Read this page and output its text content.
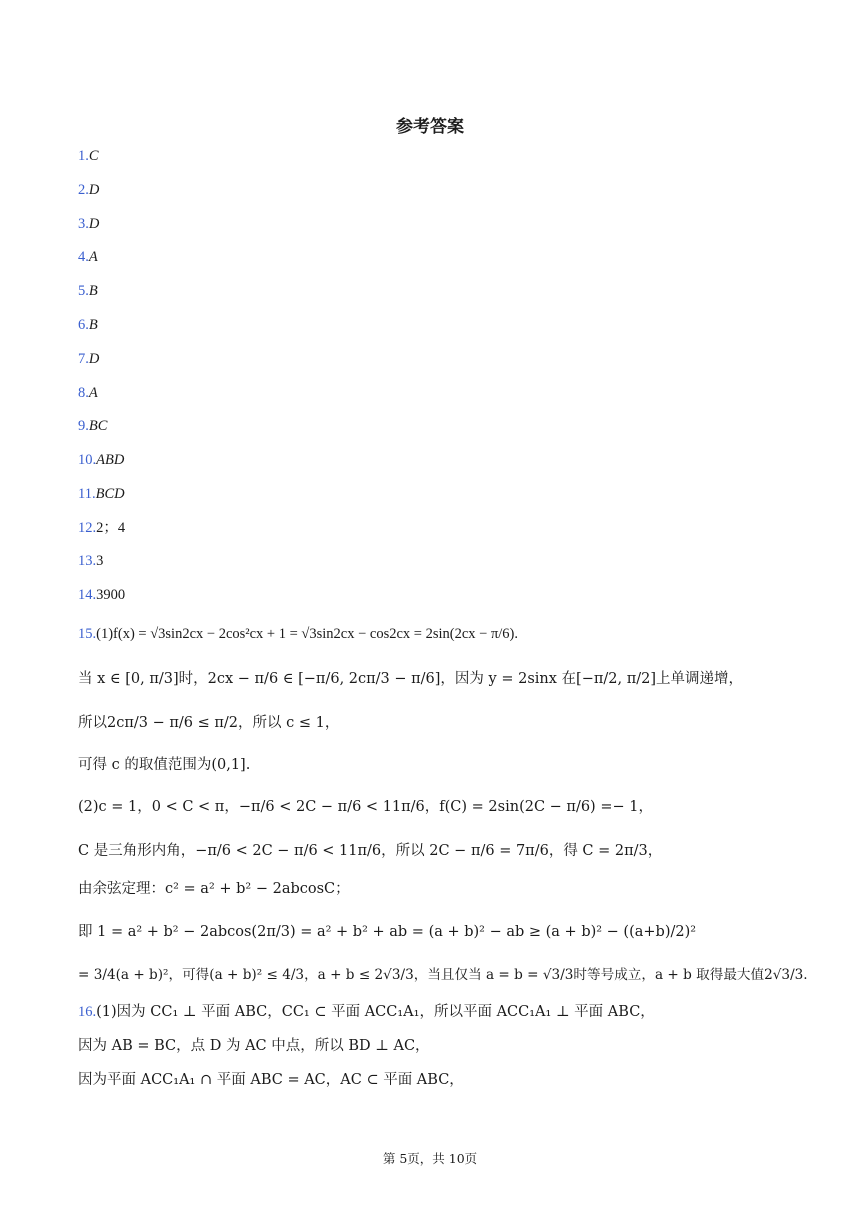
参考答案
1.C
2.D
3.D
4.A
5.B
6.B
7.D
8.A
9.BC
10.ABD
11.BCD
12.2；4
13.3
14.3900
15.(1)f(x) = √3sin2cx − 2cos²cx + 1 = √3sin2cx − cos2cx = 2sin(2cx − π/6).
当 x ∈ [0, π/3]时，2cx − π/6 ∈ [−π/6, 2cπ/3 − π/6]，因为 y = 2sinx 在[−π/2, π/2]上单调递增，
所以2cπ/3 − π/6 ≤ π/2，所以 c ≤ 1，
可得 c 的取值范围为(0,1].
(2)c = 1，0 < C < π，−π/6 < 2C − π/6 < 11π/6，f(C) = 2sin(2C − π/6) =− 1，
C 是三角形内角，−π/6 < 2C − π/6 < 11π/6，所以 2C − π/6 = 7π/6，得 C = 2π/3，
由余弦定理：c² = a² + b² − 2abcosC；
即 1 = a² + b² − 2abcos(2π/3) = a² + b² + ab = (a + b)² − ab ≥ (a + b)² − ((a+b)/2)²
= 3/4(a + b)²，可得(a + b)² ≤ 4/3，a + b ≤ 2√3/3，当且仅当 a = b = √3/3时等号成立，a + b 取得最大值2√3/3.
16.(1)因为 CC₁ ⊥ 平面 ABC，CC₁ ⊂ 平面 ACC₁A₁，所以平面 ACC₁A₁ ⊥ 平面 ABC，
因为 AB = BC，点 D 为 AC 中点，所以 BD ⊥ AC，
因为平面 ACC₁A₁ ∩ 平面 ABC = AC，AC ⊂ 平面 ABC，
第 5页，共 10页
